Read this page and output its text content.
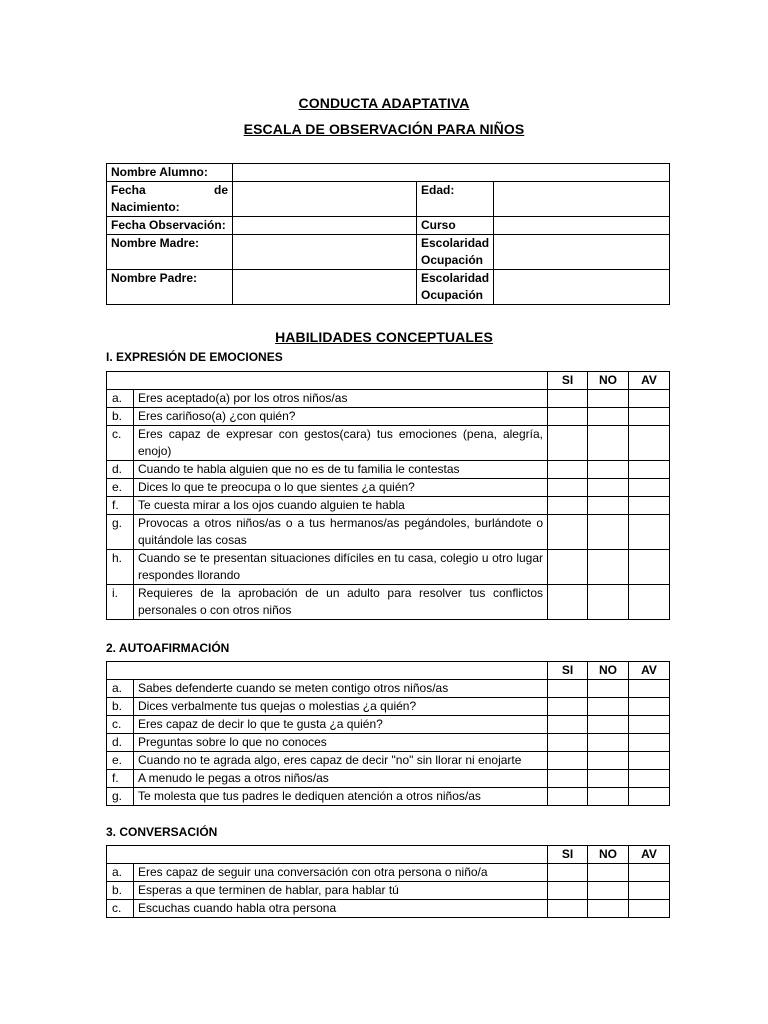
CONDUCTA ADAPTATIVA
ESCALA DE OBSERVACIÓN PARA NIÑOS
Nombre Alumno:			

Fecha de
Nacimiento:		Edad:	
Fecha Observación:		Curso	
Nombre Madre:		Escolaridad
Ocupación	

Nombre Padre:		Escolaridad
Ocupación	

HABILIDADES CONCEPTUALES
I. EXPRESIÓN DE EMOCIONES
		SI	NO	AV
a.	Eres aceptado(a) por los otros niños/as			
b.	Eres cariñoso(a) ¿con quién?			
c.	Eres capaz de expresar con gestos(cara) tus emociones (pena, alegría, enojo)			
d.	Cuando te habla alguien que no es de tu familia le contestas			
e.	Dices lo que te preocupa o lo que sientes ¿a quién?			
f.	Te cuesta mirar a los ojos cuando alguien te habla			
g.	Provocas a otros niños/as o a tus hermanos/as pegándoles, burlándote o quitándole las cosas			
h.	Cuando se te presentan situaciones difíciles en tu casa, colegio u otro lugar respondes llorando			
i.	Requieres de la aprobación de un adulto para resolver tus conflictos personales o con otros niños			
2. AUTOAFIRMACIÓN
		SI	NO	AV
a.	Sabes defenderte cuando se meten contigo otros niños/as			
b.	Dices verbalmente tus quejas o molestias ¿a quién?			
c.	Eres capaz de decir lo que te gusta ¿a quién?			
d.	Preguntas sobre lo que no conoces			
e.	Cuando no te agrada algo, eres capaz de decir "no" sin llorar ni enojarte			
f.	A menudo le pegas a otros niños/as			
g.	Te molesta que tus padres le dediquen atención a otros niños/as			
3. CONVERSACIÓN
		SI	NO	AV
a.	Eres capaz de seguir una conversación con otra persona o niño/a			
b.	Esperas a que terminen de hablar, para hablar tú			
c.	Escuchas cuando habla otra persona			
